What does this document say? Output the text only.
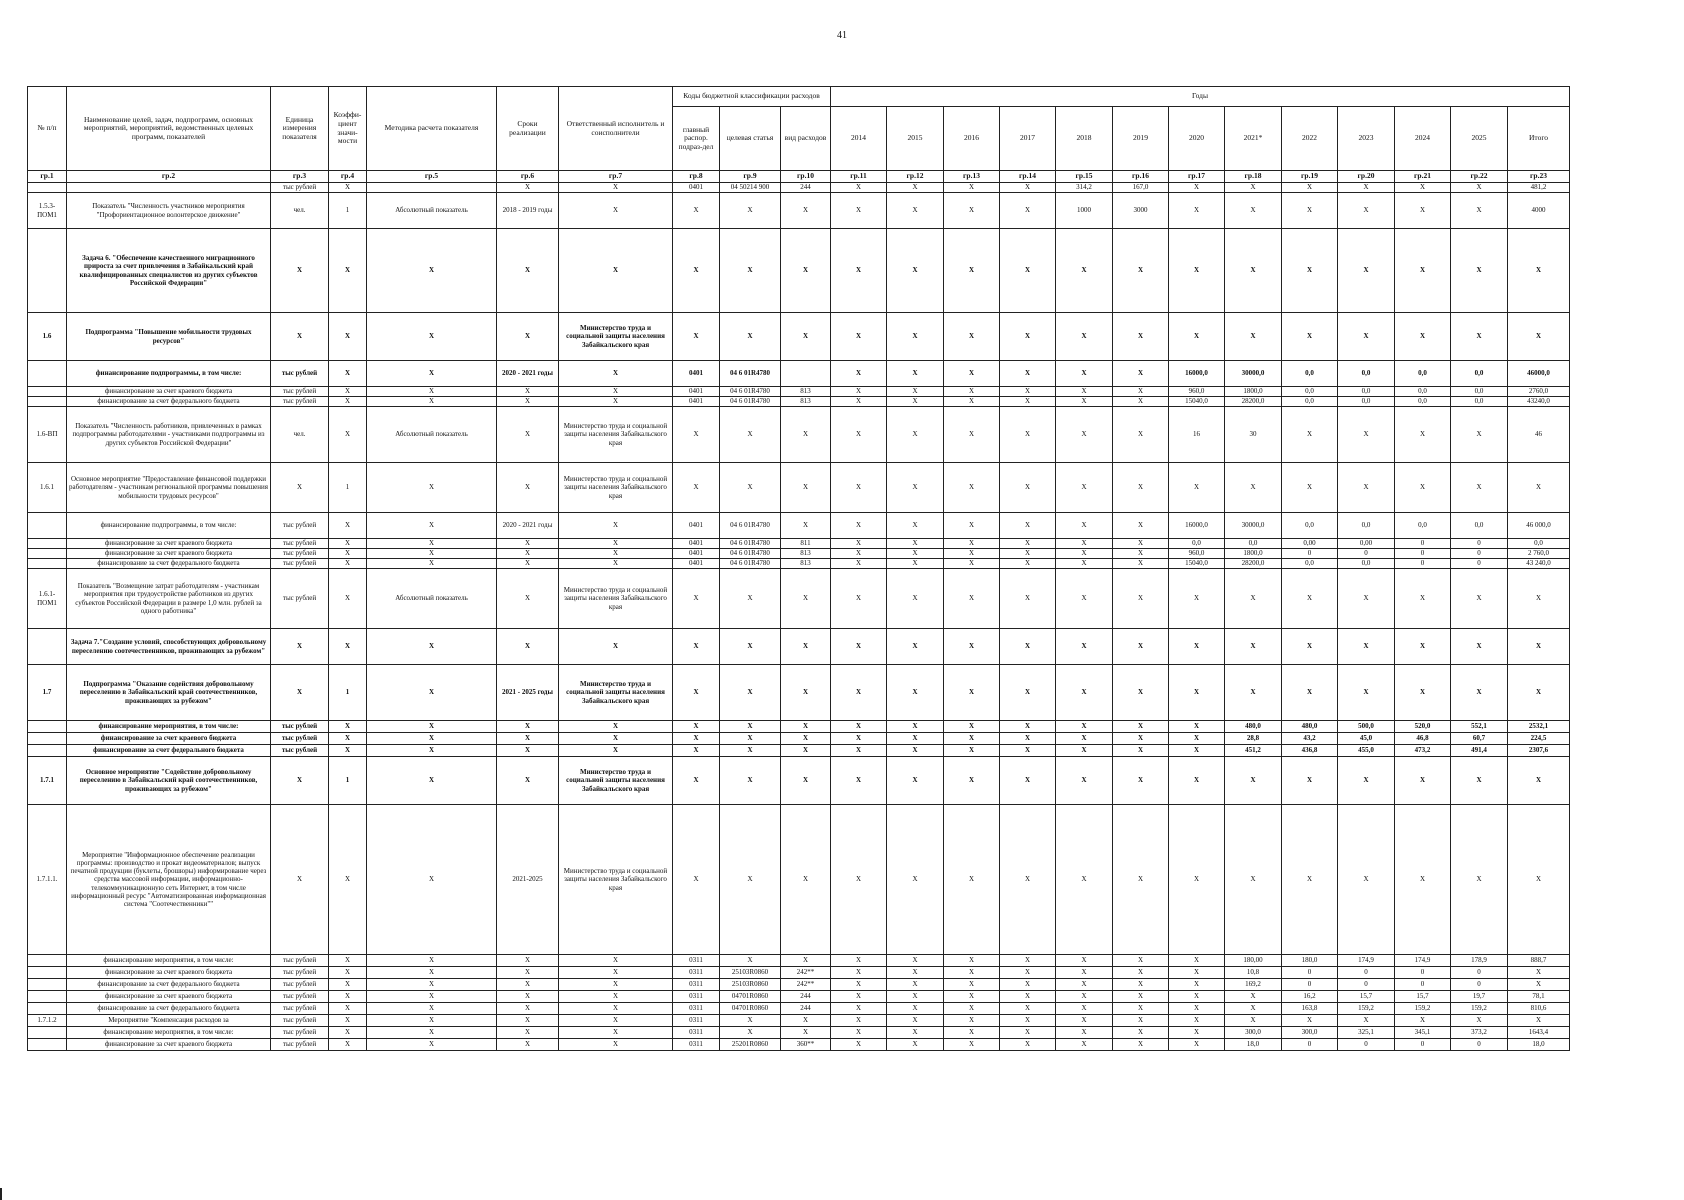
41
№ п/п	Наименование целей, задач, подпрограмм, основных мероприятий, мероприятий, ведомственных целевых программ, показателей	Единица измерения показателя	Коэффи-циент значи-мости	Методика расчета показателя	Сроки реализации	Ответственный исполнитель и соисполнители	Коды бюджетной классификации расходов			Годы												
							главный распор. подраз-дел	целевая статья	вид расходов	2014	2015	2016	2017	2018	2019	2020	2021*	2022	2023	2024	2025	Итого
гр.1	гр.2	гр.3	гр.4	гр.5	гр.6	гр.7	гр.8	гр.9	гр.10	гр.11	гр.12	гр.13	гр.14	гр.15	гр.16	гр.17	гр.18	гр.19	гр.20	гр.21	гр.22	гр.23
		тыс рублей	Х		Х	Х	0401	04 50214 900	244	Х	Х	Х	Х	314,2	167,0	Х	Х	Х	Х	Х	Х	481,2
1.5.3-ПОМ1	Показатель "Численность участников мероприятия "Профориентационное волонтерское движение"	чел.	1	Абсолютный показатель	2018 - 2019 годы	Х	Х	Х	Х	Х	Х	Х	Х	1000	3000	Х	Х	Х	Х	Х	Х	4000
	Задача 6. "Обеспечение качественного миграционного прироста за счет привлечения в Забайкальский край квалифицированных специалистов из других субъектов Российской Федерации"	Х	Х	Х	Х	Х	Х	Х	Х	Х	Х	Х	Х	Х	Х	Х	Х	Х	Х	Х	Х	Х
1.6	Подпрограмма "Повышение мобильности трудовых ресурсов"	Х	Х	Х	Х	Министерство труда и социальной защиты населения Забайкальского края	Х	Х	Х	Х	Х	Х	Х	Х	Х	Х	Х	Х	Х	Х	Х	Х
	финансирование подпрограммы, в том числе:	тыс рублей	Х	Х	2020 - 2021 годы	Х	0401	04 6 01R4780		Х	Х	Х	Х	Х	Х	16000,0	30000,0	0,0	0,0	0,0	0,0	46000,0
	финансирование за счет краевого бюджета	тыс рублей	Х	Х	Х	Х	0401	04 6 01R4780	813	Х	Х	Х	Х	Х	Х	960,0	1800,0	0,0	0,0	0,0	0,0	2760,0
	финансирование за счет федерального бюджета	тыс рублей	Х	Х	Х	Х	0401	04 6 01R4780	813	Х	Х	Х	Х	Х	Х	15040,0	28200,0	0,0	0,0	0,0	0,0	43240,0
1.6-ВП	Показатель "Численность работников, привлеченных в рамках подпрограммы работодателями - участниками подпрограммы из других субъектов Российской Федерации"	чел.	Х	Абсолютный показатель	Х	Министерство труда и социальной защиты населения Забайкальского края	Х	Х	Х	Х	Х	Х	Х	Х	Х	16	30	Х	Х	Х	Х	46
1.6.1	Основное мероприятие "Предоставление финансовой поддержки работодателям - участникам региональной программы повышения мобильности трудовых ресурсов"	Х	1	Х	Х	Министерство труда и социальной защиты населения Забайкальского края	Х	Х	Х	Х	Х	Х	Х	Х	Х	Х	Х	Х	Х	Х	Х	Х
	финансирование подпрограммы, в том числе:	тыс рублей	Х	Х	2020 - 2021 годы	Х	0401	04 6 01R4780	Х	Х	Х	Х	Х	Х	Х	16000,0	30000,0	0,0	0,0	0,0	0,0	46 000,0
	финансирование за счет краевого бюджета	тыс рублей	Х	Х	Х	Х	0401	04 6 01R4780	811	Х	Х	Х	Х	Х	Х	0,0	0,0	0,00	0,00	0	0	0,0
	финансирование за счет краевого бюджета	тыс рублей	Х	Х	Х	Х	0401	04 6 01R4780	813	Х	Х	Х	Х	Х	Х	960,0	1800,0	0	0	0	0	2 760,0
	финансирование за счет федерального бюджета	тыс рублей	Х	Х	Х	Х	0401	04 6 01R4780	813	Х	Х	Х	Х	Х	Х	15040,0	28200,0	0,0	0,0	0	0	43 240,0
1.6.1-ПОМ1	Показатель "Возмещение затрат работодателям - участникам мероприятия при трудоустройстве работников из других субъектов Российской Федерации в размере 1,0 млн. рублей за одного работника"	тыс рублей	Х	Абсолютный показатель	Х	Министерство труда и социальной защиты населения Забайкальского края	Х	Х	Х	Х	Х	Х	Х	Х	Х	Х	Х	Х	Х	Х	Х	Х
	Задача 7."Создание условий, способствующих добровольному переселению соотечественников, проживающих за рубежом"	Х	Х	Х	Х	Х	Х	Х	Х	Х	Х	Х	Х	Х	Х	Х	Х	Х	Х	Х	Х	Х
1.7	Подпрограмма "Оказание содействия добровольному переселению в Забайкальский край соотечественников, проживающих за рубежом"	Х	1	Х	2021 - 2025 годы	Министерство труда и социальной защиты населения Забайкальского края	Х	Х	Х	Х	Х	Х	Х	Х	Х	Х	Х	Х	Х	Х	Х	Х
	финансирование мероприятия, в том числе:	тыс рублей	Х	Х	Х	Х	Х	Х	Х	Х	Х	Х	Х	Х	Х	Х	480,0	480,0	500,0	520,0	552,1	2532,1
	финансирование за счет краевого бюджета	тыс рублей	Х	Х	Х	Х	Х	Х	Х	Х	Х	Х	Х	Х	Х	Х	28,8	43,2	45,0	46,8	60,7	224,5
	финансирование за счет федерального бюджета	тыс рублей	Х	Х	Х	Х	Х	Х	Х	Х	Х	Х	Х	Х	Х	Х	451,2	436,8	455,0	473,2	491,4	2307,6
1.7.1	Основное мероприятие "Содействие добровольному переселению в Забайкальский край соотечественников, проживающих за рубежом"	Х	1	Х	Х	Министерство труда и социальной защиты населения Забайкальского края	Х	Х	Х	Х	Х	Х	Х	Х	Х	Х	Х	Х	Х	Х	Х	Х
1.7.1.1.	Мероприятие "Информационное обеспечение реализации программы: производство и прокат видеоматериалов; выпуск печатной продукции (буклеты, брошюры) информирование через средства массовой информации, информационно-телекоммуникационную сеть Интернет, в том числе информационный ресурс "Автоматизированная информационная система "Соотечественники""	Х	Х	Х	2021-2025	Министерство труда и социальной защиты населения Забайкальского края	Х	Х	Х	Х	Х	Х	Х	Х	Х	Х	Х	Х	Х	Х	Х	Х
	финансирование мероприятия, в том числе:	тыс рублей	Х	Х	Х	Х	0311	Х	Х	Х	Х	Х	Х	Х	Х	Х	180,00	180,0	174,9	174,9	178,9	888,7
	финансирование за счет краевого бюджета	тыс рублей	Х	Х	Х	Х	0311	25103R0860	242**	Х	Х	Х	Х	Х	Х	Х	10,8	0	0	0	0	Х
	финансирование за счет федерального бюджета	тыс рублей	Х	Х	Х	Х	0311	25103R0860	242**	Х	Х	Х	Х	Х	Х	Х	169,2	0	0	0	0	Х
	финансирование за счет краевого бюджета	тыс рублей	Х	Х	Х	Х	0311	04701R0860	244	Х	Х	Х	Х	Х	Х	Х	Х	16,2	15,7	15,7	19,7	78,1
	финансирование за счет федерального бюджета	тыс рублей	Х	Х	Х	Х	0311	04701R0860	244	Х	Х	Х	Х	Х	Х	Х	Х	163,8	159,2	159,2	159,2	810,6
1.7.1.2	Мероприятие "Компенсация расходов за	тыс рублей	Х	Х	Х	Х	0311	Х	Х	Х	Х	Х	Х	Х	Х	Х	Х	Х	Х	Х	Х	Х
	финансирование мероприятия, в том числе:	тыс рублей	Х	Х	Х	Х	0311	Х	Х	Х	Х	Х	Х	Х	Х	Х	300,0	300,0	325,1	345,1	373,2	1643,4
	финансирование за счет краевого бюджета	тыс рублей	Х	Х	Х	Х	0311	25201R0860	360**	Х	Х	Х	Х	Х	Х	Х	18,0	0	0	0	0	18,0
